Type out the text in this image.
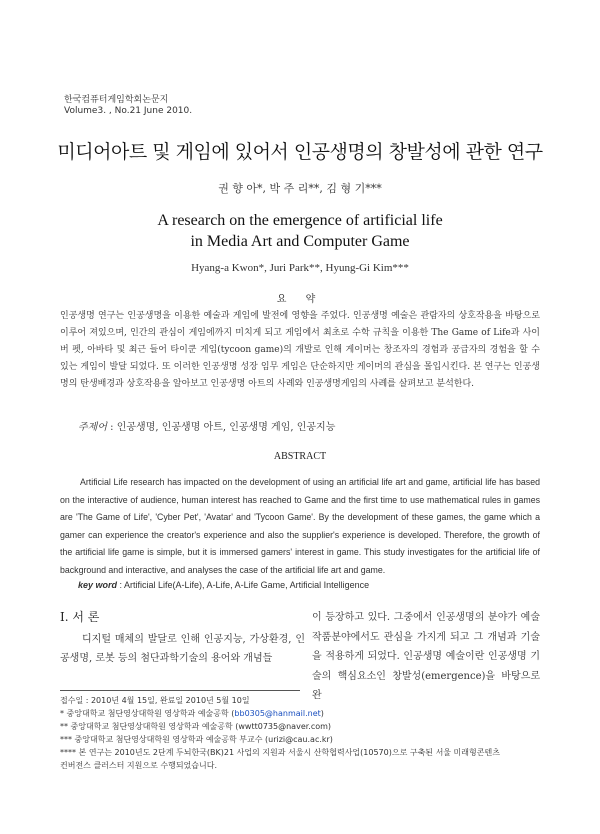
한국컴퓨터게임학회논문지
Volume3. , No.21 June 2010.
미디어아트 및 게임에 있어서 인공생명의 창발성에 관한 연구
권 향 아*, 박 주 리**, 김 형 기***
A research on the emergence of artificial life
in Media Art and Computer Game
Hyang-a Kwon*, Juri Park**, Hyung-Gi Kim***
요 약
인공생명 연구는 인공생명을 이용한 예술과 게임에 발전에 영향을 주었다. 인공생명 예술은 관람자의 상호작용을 바탕으로 이루어 져있으며, 인간의 관심이 게임에까지 미치게 되고 게임에서 최초로 수학 규칙을 이용한 The Game of Life과 사이버 펫, 아바타 및 최근 들어 타이쿤 게임(tycoon game)의 개발로 인해 게이머는 창조자의 경험과 공급자의 경험을 할 수 있는 게임이 발달 되었다. 또 이러한 인공생명 성장 임무 게임은 단순하지만 게이머의 관심을 몰입시킨다. 본 연구는 인공생명의 탄생배경과 상호작용을 알아보고 인공생명 아트의 사례와 인공생명게임의 사례를 살펴보고 분석한다.
주제어 : 인공생명, 인공생명 아트, 인공생명 게임, 인공지능
ABSTRACT
Artificial Life research has impacted on the development of using an artificial life art and game, artificial life has based on the interactive of audience, human interest has reached to Game and the first time to use mathematical rules in games are 'The Game of Life', 'Cyber Pet', 'Avatar' and 'Tycoon Game'. By the development of these games, the game which a gamer can experience the creator's experience and also the supplier's experience is developed. Therefore, the growth of the artificial life game is simple, but it is immersed gamers' interest in game. This study investigates for the artificial life of background and interactive, and analyses the case of the artificial life art and game.
key word : Artificial Life(A-Life), A-Life, A-Life Game, Artificial Intelligence
Ⅰ. 서 론
디지털 매체의 발달로 인해 인공지능, 가상환경, 인공생명, 로봇 등의 첨단과학기술의 용어와 개념들
이 등장하고 있다. 그중에서 인공생명의 분야가 예술작품분야에서도 관심을 가지게 되고 그 개념과 기술을 적용하게 되었다. 인공생명 예술이란 인공생명 기술의 핵심요소인 창발성(emergence)을 바탕으로 완
접수일 : 2010년 4월 15일, 완료일 2010년 5월 10일
* 중앙대학교 첨단영상대학원 영상학과 예술공학 (bb0305@hanmail.net)
** 중앙대학교 첨단영상대학원 영상학과 예술공학 (wwtt0735@naver.com)
*** 중앙대학교 첨단영상대학원 영상학과 예술공학 부교수 (urizi@cau.ac.kr)
**** 본 연구는 2010년도 2단계 두뇌한국(BK)21 사업의 지원과 서울시 산학협력사업(10570)으로 구축된 서울 미래형콘텐츠
컨버전스 클러스터 지원으로 수행되었습니다.
